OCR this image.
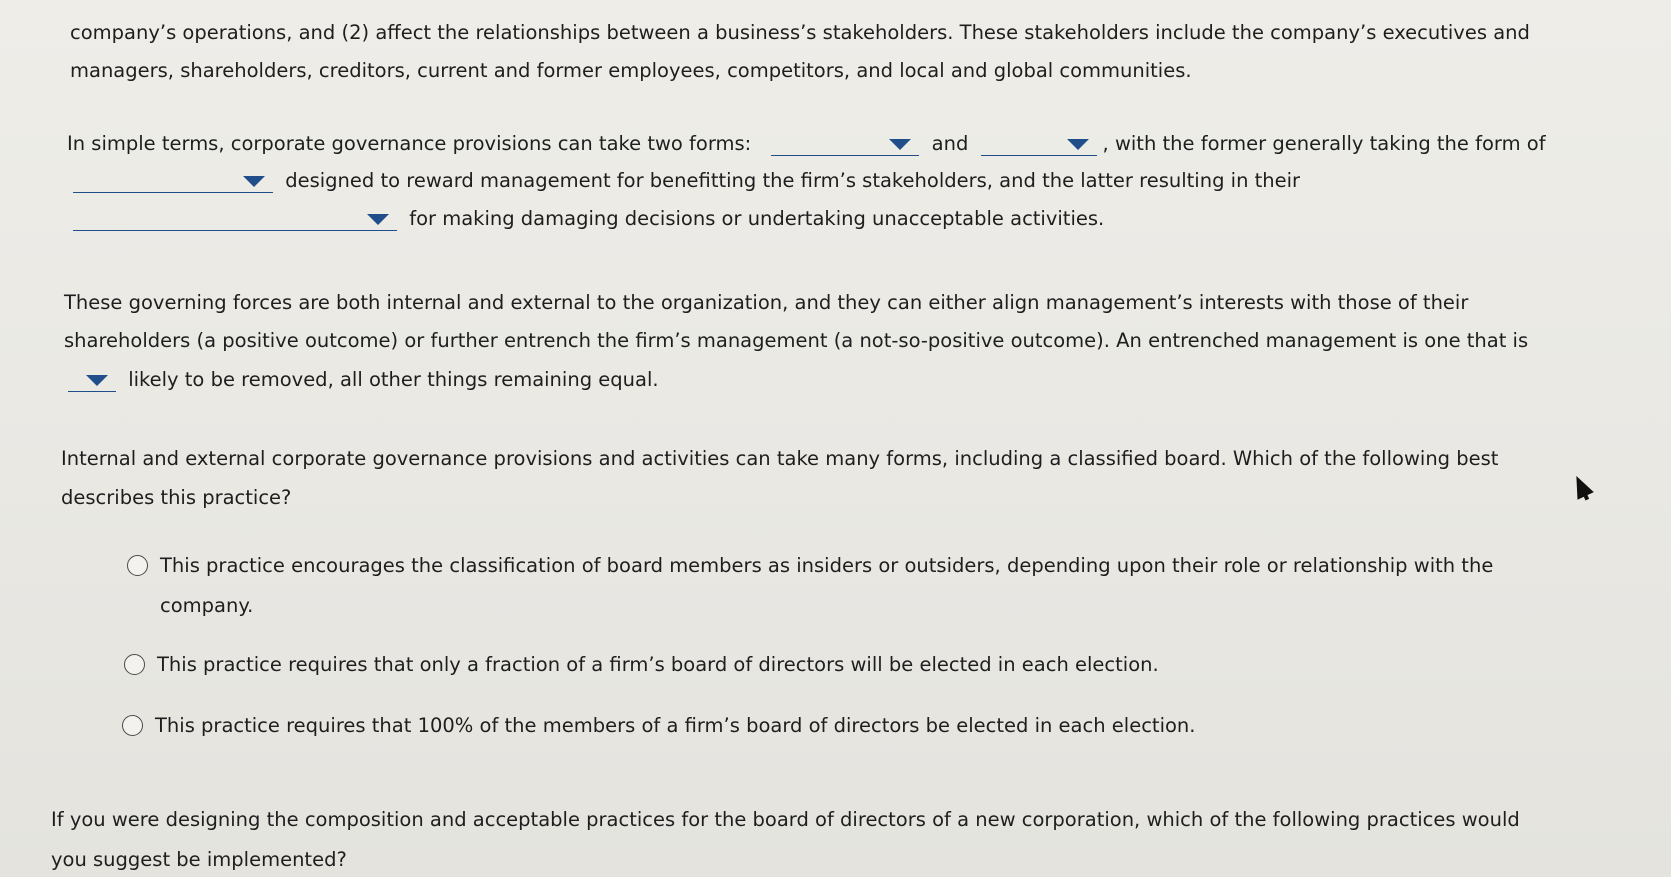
company’s operations, and (2) affect the relationships between a business’s stakeholders. These stakeholders include the company’s executives and
managers, shareholders, creditors, current and former employees, competitors, and local and global communities.
In simple terms, corporate governance provisions can take two forms:	and	, with the former generally taking the form of
designed to reward management for benefitting the firm’s stakeholders, and the latter resulting in their
for making damaging decisions or undertaking unacceptable activities.
These governing forces are both internal and external to the organization, and they can either align management’s interests with those of their
shareholders (a positive outcome) or further entrench the firm’s management (a not-so-positive outcome). An entrenched management is one that is
likely to be removed, all other things remaining equal.
Internal and external corporate governance provisions and activities can take many forms, including a classified board. Which of the following best
describes this practice?
This practice encourages the classification of board members as insiders or outsiders, depending upon their role or relationship with the
company.
This practice requires that only a fraction of a firm’s board of directors will be elected in each election.
This practice requires that 100% of the members of a firm’s board of directors be elected in each election.
If you were designing the composition and acceptable practices for the board of directors of a new corporation, which of the following practices would
you suggest be implemented?
